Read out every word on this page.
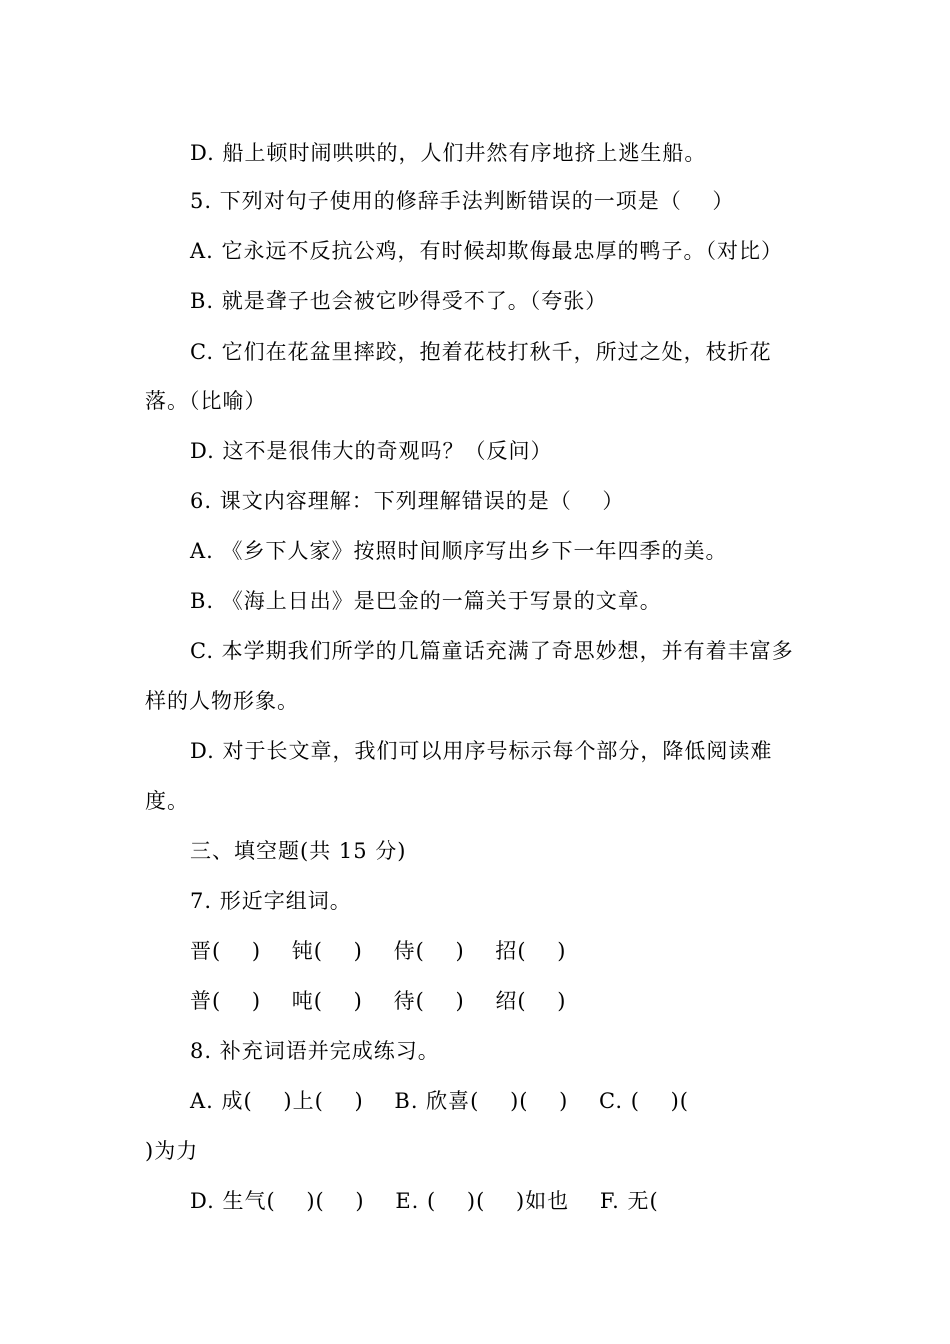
D. 船上顿时闹哄哄的，人们井然有序地挤上逃生船。
5. 下列对句子使用的修辞手法判断错误的一项是（    ）
A. 它永远不反抗公鸡，有时候却欺侮最忠厚的鸭子。（对比）
B. 就是聋子也会被它吵得受不了。（夸张）
C. 它们在花盆里摔跤，抱着花枝打秋千，所过之处，枝折花
落。（比喻）
D. 这不是很伟大的奇观吗？（反问）
6. 课文内容理解：下列理解错误的是（    ）
A. 《乡下人家》按照时间顺序写出乡下一年四季的美。
B. 《海上日出》是巴金的一篇关于写景的文章。
C. 本学期我们所学的几篇童话充满了奇思妙想，并有着丰富多
样的人物形象。
D. 对于长文章，我们可以用序号标示每个部分，降低阅读难
度。
三、填空题(共 15 分)
7. 形近字组词。
晋(    )    钝(    )    侍(    )    招(    )
普(    )    吨(    )    待(    )    绍(    )
8. 补充词语并完成练习。
A. 成(    )上(    )    B. 欣喜(    )(    )    C. (    )(
)为力
D. 生气(    )(    )    E. (    )(    )如也    F. 无(
